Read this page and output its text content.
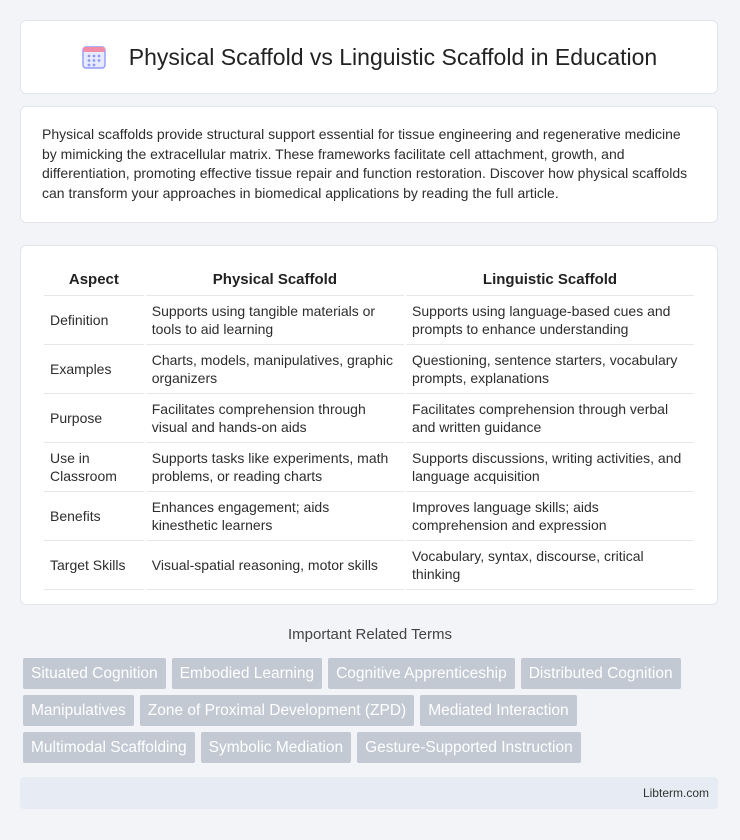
Physical Scaffold vs Linguistic Scaffold in Education

Physical scaffolds provide structural support essential for tissue engineering and regenerative medicine by mimicking the extracellular matrix. These frameworks facilitate cell attachment, growth, and differentiation, promoting effective tissue repair and function restoration. Discover how physical scaffolds can transform your approaches in biomedical applications by reading the full article.

Aspect	Physical Scaffold	Linguistic Scaffold
Definition	Supports using tangible materials or tools to aid learning	Supports using language-based cues and prompts to enhance understanding
Examples	Charts, models, manipulatives, graphic organizers	Questioning, sentence starters, vocabulary prompts, explanations
Purpose	Facilitates comprehension through visual and hands-on aids	Facilitates comprehension through verbal and written guidance
Use in Classroom	Supports tasks like experiments, math problems, or reading charts	Supports discussions, writing activities, and language acquisition
Benefits	Enhances engagement; aids kinesthetic learners	Improves language skills; aids comprehension and expression
Target Skills	Visual-spatial reasoning, motor skills	Vocabulary, syntax, discourse, critical thinking
Important Related Terms
Situated Cognition Embodied Learning Cognitive Apprenticeship Distributed Cognition
Manipulatives Zone of Proximal Development (ZPD) Mediated Interaction
Multimodal Scaffolding Symbolic Mediation Gesture-Supported Instruction
Libterm.com
